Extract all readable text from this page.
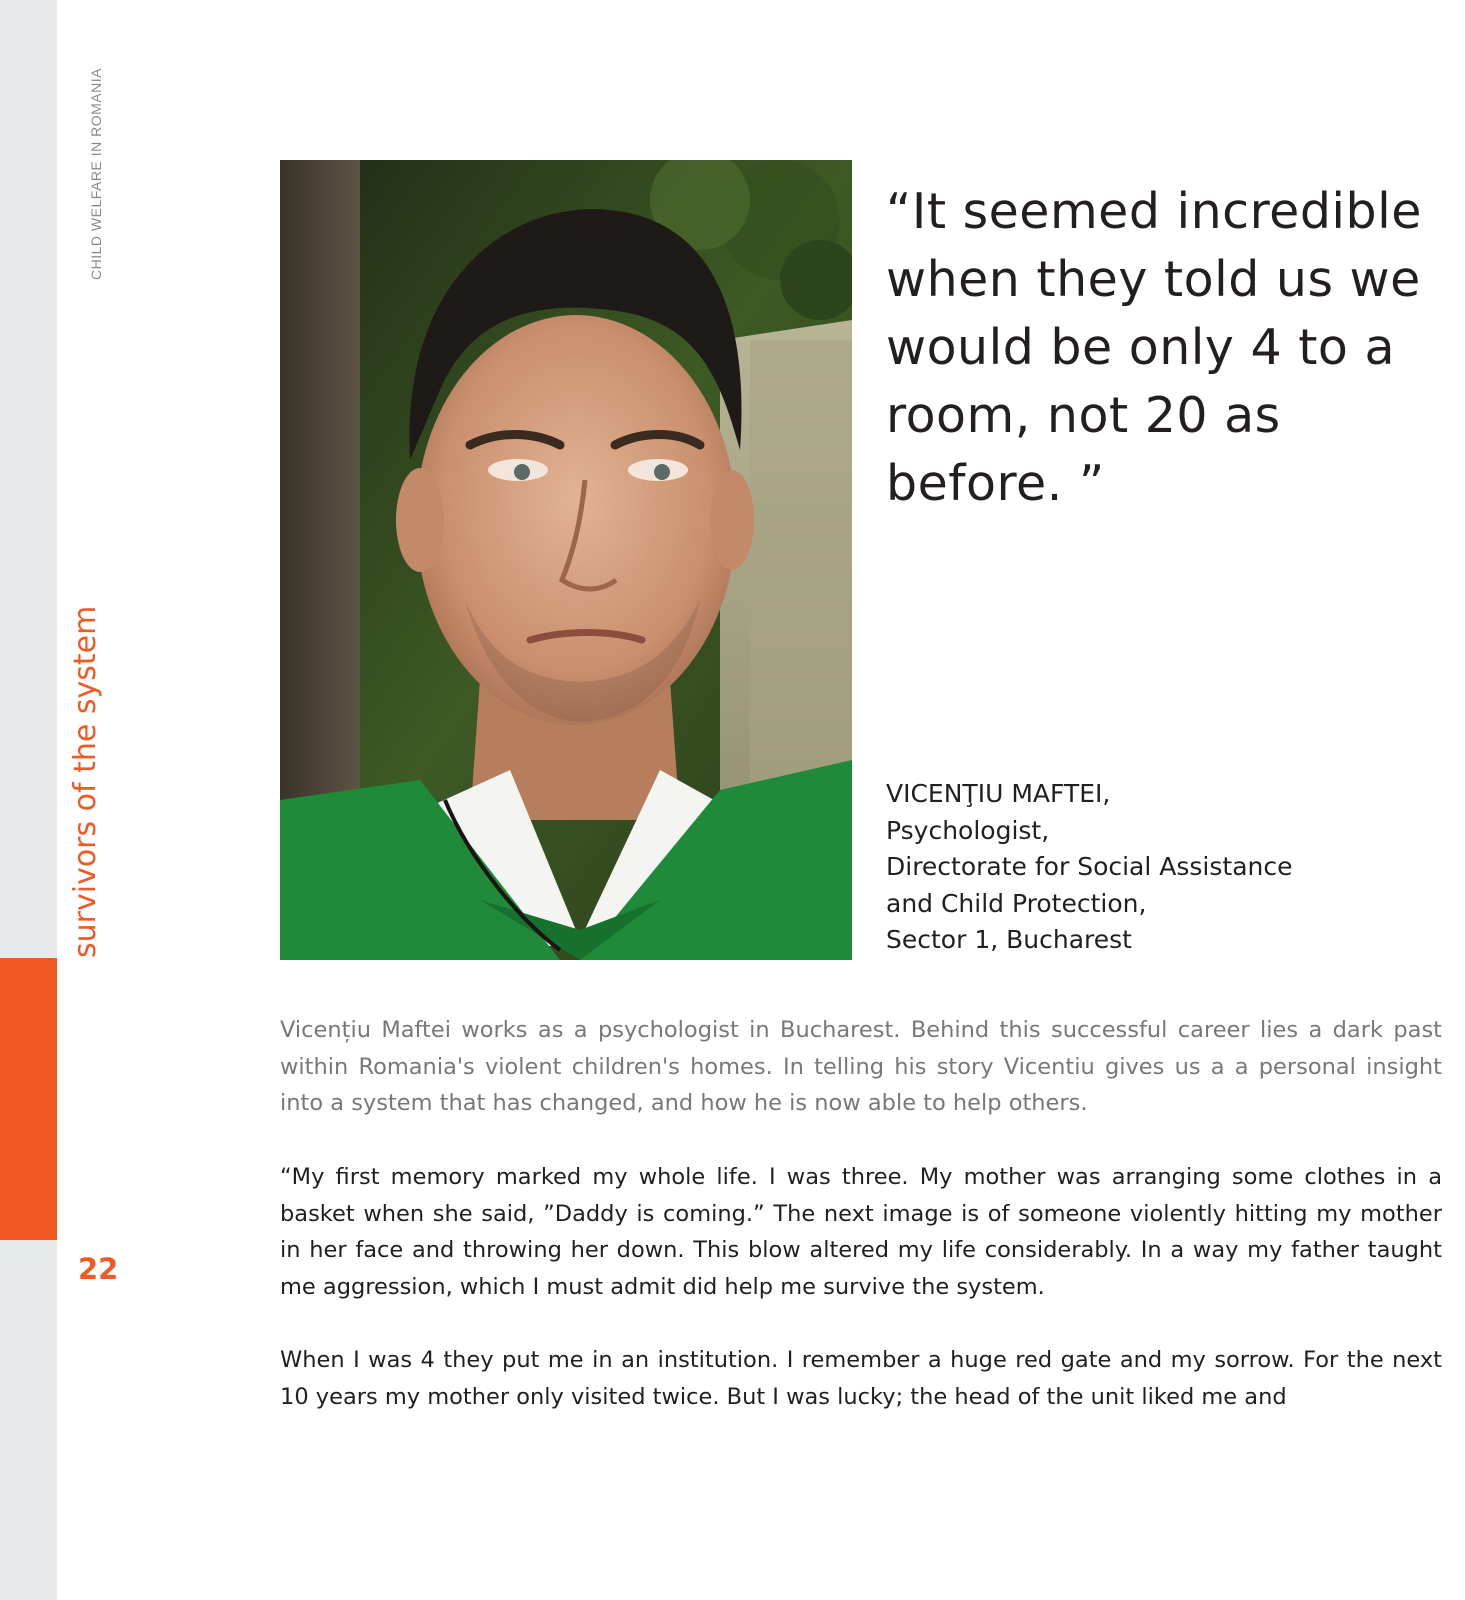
CHILD WELFARE IN ROMANIA
survivors of the system
22

“It seemed incredible when they told us we would be only 4 to a room, not 20 as before. ”

VICENŢIU MAFTEI,
Psychologist,
Directorate for Social Assistance
and Child Protection,
Sector 1, Bucharest

Vicențiu Maftei works as a psychologist in Bucharest. Behind this successful career lies a dark past within Romania's violent children's homes. In telling his story Vicentiu gives us a a personal insight into a system that has changed, and how he is now able to help others.

“My first memory marked my whole life. I was three. My mother was arranging some clothes in a basket when she said, ”Daddy is coming.” The next image is of someone violently hitting my mother in her face and throwing her down. This blow altered my life considerably. In a way my father taught me aggression, which I must admit did help me survive the system.

When I was 4 they put me in an institution. I remember a huge red gate and my sorrow. For the next 10 years my mother only visited twice. But I was lucky; the head of the unit liked me and
